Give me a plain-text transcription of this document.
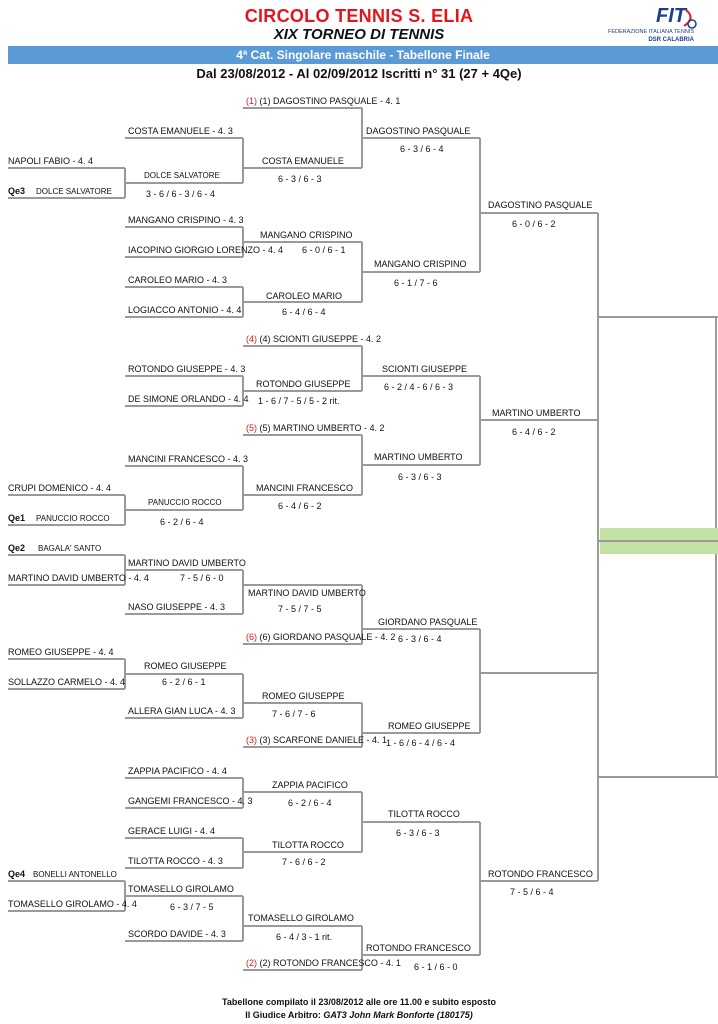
CIRCOLO TENNIS S. ELIA
XIX TORNEO DI TENNIS
FIT
FEDERAZIONE ITALIANA TENNIS
DSR CALABRIA
4ª Cat. Singolare maschile - Tabellone Finale
Dal 23/08/2012 - Al 02/09/2012 Iscritti n° 31 (27 + 4Qe)
NAPOLI FABIO - 4. 4
Qe3 DOLCE SALVATORE
CRUPI DOMENICO - 4. 4
Qe1 PANUCCIO ROCCO
Qe2 BAGALA' SANTO
MARTINO DAVID UMBERTO - 4. 4
ROMEO GIUSEPPE - 4. 4
SOLLAZZO CARMELO - 4. 4
Qe4 BONELLI ANTONELLO
TOMASELLO GIROLAMO - 4. 4
DOLCE SALVATORE
3 - 6 / 6 - 3 / 6 - 4
PANUCCIO ROCCO
6 - 2 / 6 - 4
MARTINO DAVID UMBERTO
7 - 5 / 6 - 0
ROMEO GIUSEPPE
6 - 2 / 6 - 1
TOMASELLO GIROLAMO
6 - 3 / 7 - 5
(1) (1) DAGOSTINO PASQUALE - 4. 1
COSTA EMANUELE - 4. 3
MANGANO CRISPINO - 4. 3
IACOPINO GIORGIO LORENZO - 4. 4
CAROLEO MARIO - 4. 3
LOGIACCO ANTONIO - 4. 4
(4) (4) SCIONTI GIUSEPPE - 4. 2
ROTONDO GIUSEPPE - 4. 3
DE SIMONE ORLANDO - 4. 4
(5) (5) MARTINO UMBERTO - 4. 2
MANCINI FRANCESCO - 4. 3
NASO GIUSEPPE - 4. 3
(6) (6) GIORDANO PASQUALE - 4. 2
ALLERA GIAN LUCA - 4. 3
(3) (3) SCARFONE DANIELE - 4. 1
ZAPPIA PACIFICO - 4. 4
GANGEMI FRANCESCO - 4. 3
GERACE LUIGI - 4. 4
TILOTTA ROCCO - 4. 3
SCORDO DAVIDE - 4. 3
(2) (2) ROTONDO FRANCESCO - 4. 1
COSTA EMANUELE
6 - 3 / 6 - 3
MANGANO CRISPINO
6 - 0 / 6 - 1
CAROLEO MARIO
6 - 4 / 6 - 4
ROTONDO GIUSEPPE
1 - 6 / 7 - 5 / 5 - 2 rit.
MANCINI FRANCESCO
6 - 4 / 6 - 2
MARTINO DAVID UMBERTO
7 - 5 / 7 - 5
ROMEO GIUSEPPE
7 - 6 / 7 - 6
ZAPPIA PACIFICO
6 - 2 / 6 - 4
TILOTTA ROCCO
7 - 6 / 6 - 2
TOMASELLO GIROLAMO
6 - 4 / 3 - 1 rit.
DAGOSTINO PASQUALE
6 - 3 / 6 - 4
MANGANO CRISPINO
6 - 1 / 7 - 6
SCIONTI GIUSEPPE
6 - 2 / 4 - 6 / 6 - 3
MARTINO UMBERTO
6 - 3 / 6 - 3
GIORDANO PASQUALE
6 - 3 / 6 - 4
ROMEO GIUSEPPE
1 - 6 / 6 - 4 / 6 - 4
TILOTTA ROCCO
6 - 3 / 6 - 3
ROTONDO FRANCESCO
6 - 1 / 6 - 0
DAGOSTINO PASQUALE
6 - 0 / 6 - 2
MARTINO UMBERTO
6 - 4 / 6 - 2
ROTONDO FRANCESCO
7 - 5 / 6 - 4
Tabellone compilato il 23/08/2012 alle ore 11.00 e subito esposto
Il Giudice Arbitro: GAT3 John Mark Bonforte (180175)
